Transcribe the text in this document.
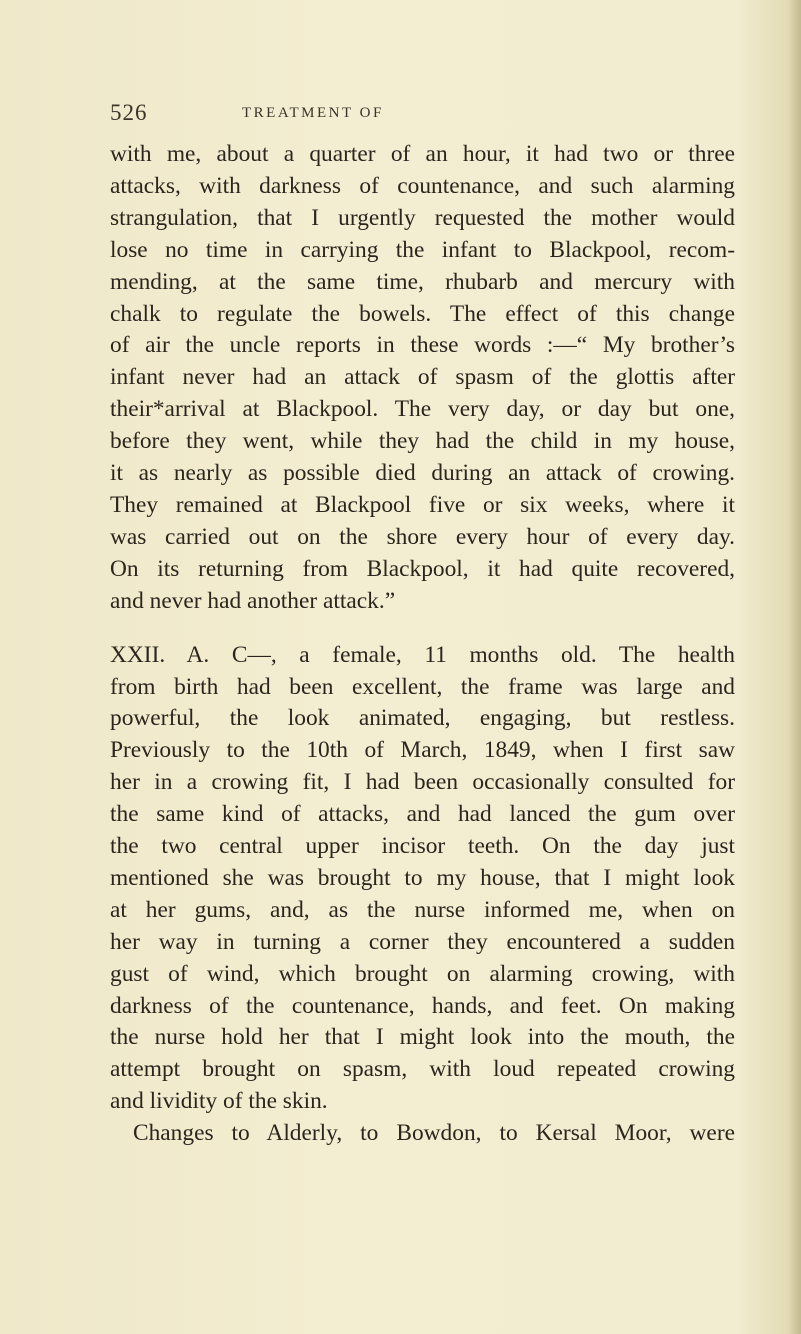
526	TREATMENT OF

with me, about a quarter of an hour, it had two or three
attacks, with darkness of countenance, and such alarming
strangulation, that I urgently requested the mother would
lose no time in carrying the infant to Blackpool, recom-
mending, at the same time, rhubarb and mercury with
chalk to regulate the bowels. The effect of this change
of air the uncle reports in these words :—“ My brother’s
infant never had an attack of spasm of the glottis after
their*arrival at Blackpool. The very day, or day but one,
before they went, while they had the child in my house,
it as nearly as possible died during an attack of crowing.
They remained at Blackpool five or six weeks, where it
was carried out on the shore every hour of every day.
On its returning from Blackpool, it had quite recovered,
and never had another attack.”

XXII. A. C—, a female, 11 months old. The health
from birth had been excellent, the frame was large and
powerful, the look animated, engaging, but restless.
Previously to the 10th of March, 1849, when I first saw
her in a crowing fit, I had been occasionally consulted for
the same kind of attacks, and had lanced the gum over
the two central upper incisor teeth. On the day just
mentioned she was brought to my house, that I might look
at her gums, and, as the nurse informed me, when on
her way in turning a corner they encountered a sudden
gust of wind, which brought on alarming crowing, with
darkness of the countenance, hands, and feet. On making
the nurse hold her that I might look into the mouth, the
attempt brought on spasm, with loud repeated crowing
and lividity of the skin.
Changes to Alderly, to Bowdon, to Kersal Moor, were
